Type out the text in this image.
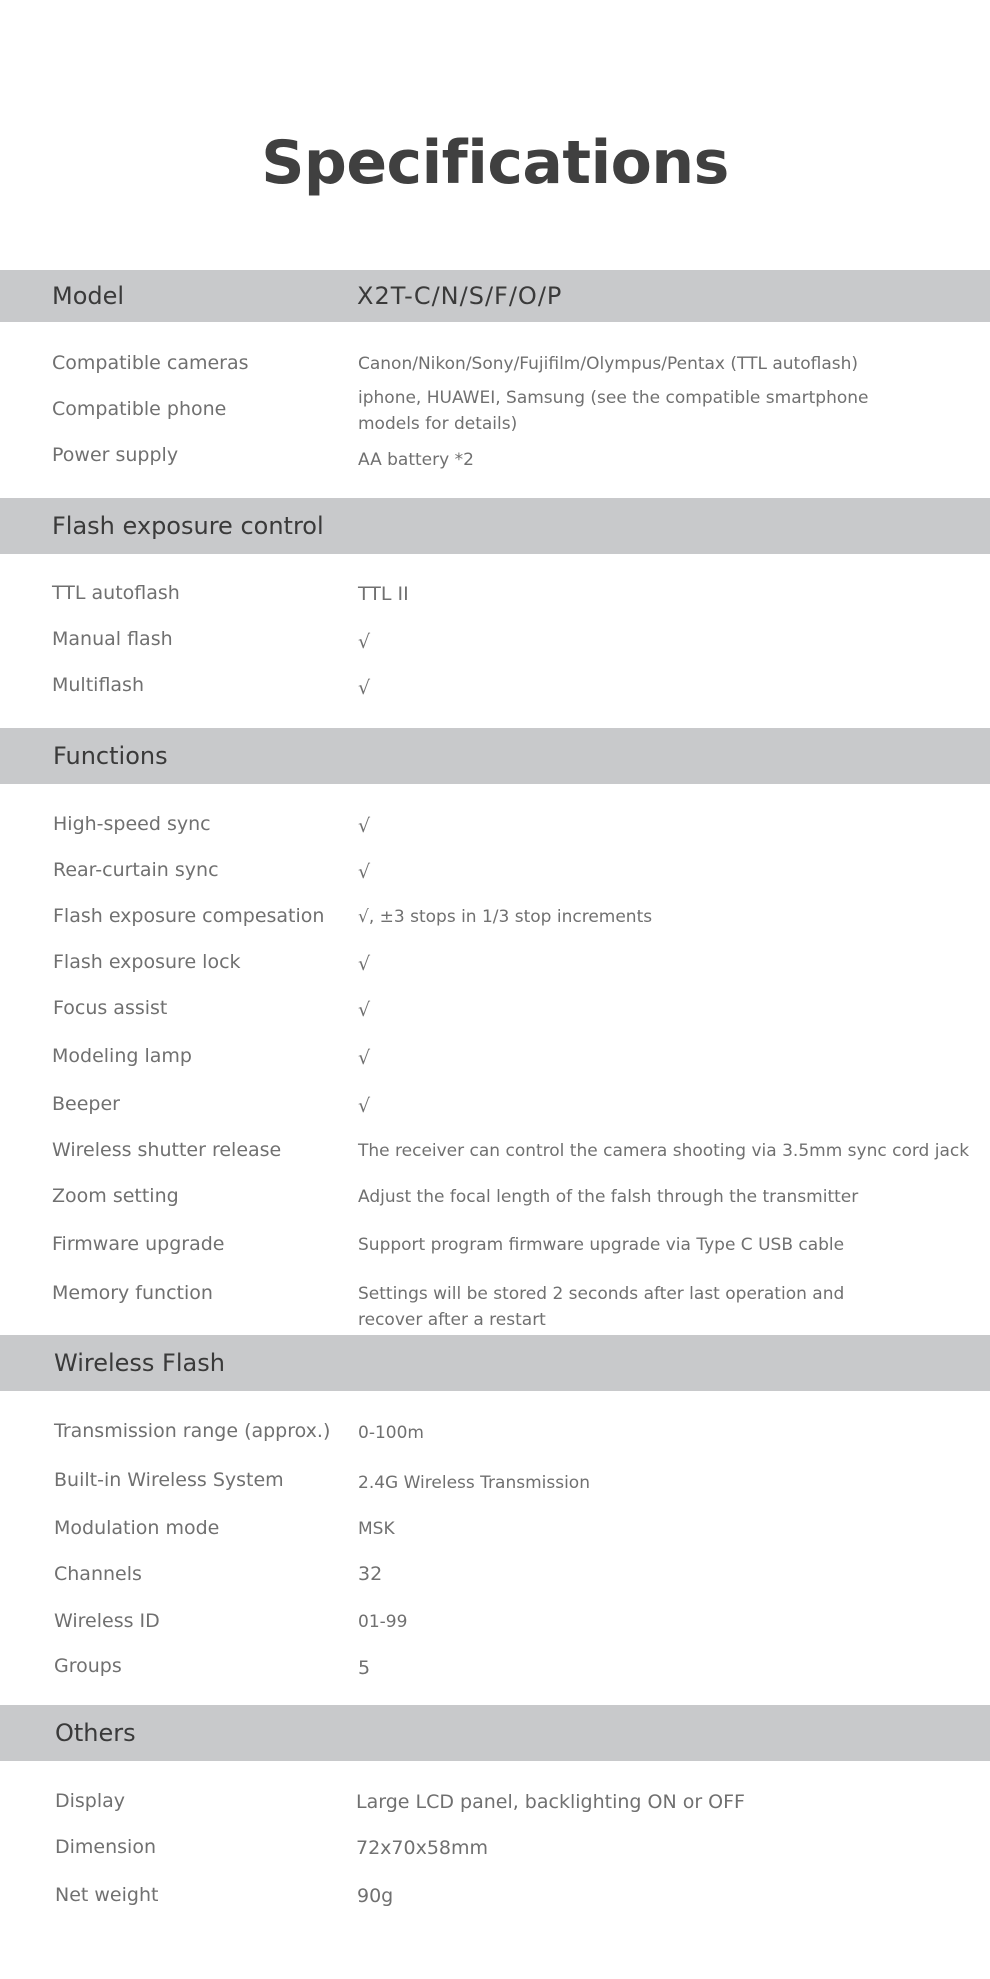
Specifications
Model	X2T-C/N/S/F/O/P
Compatible cameras	Canon/Nikon/Sony/Fujifilm/Olympus/Pentax (TTL autoflash)
Compatible phone	iphone, HUAWEI, Samsung (see the compatible smartphone
models for details)
Power supply	AA battery *2
Flash exposure control
TTL autoflash	TTL II
Manual flash	√
Multiflash	√
Functions
High-speed sync	√
Rear-curtain sync	√
Flash exposure compesation √, ±3 stops in 1/3 stop increments
Flash exposure lock	√
Focus assist	√
Modeling lamp	√
Beeper	√
Wireless shutter release	The receiver can control the camera shooting via 3.5mm sync cord jack
Zoom setting	Adjust the focal length of the falsh through the transmitter
Firmware upgrade	Support program firmware upgrade via Type C USB cable
Memory function	Settings will be stored 2 seconds after last operation and
recover after a restart
Wireless Flash
Transmission range (approx.) 0-100m
Built-in Wireless System	2.4G Wireless Transmission
Modulation mode	MSK
Channels	32
Wireless ID	01-99
Groups	5
Others
Display	Large LCD panel, backlighting ON or OFF
Dimension	72x70x58mm
Net weight	90g
